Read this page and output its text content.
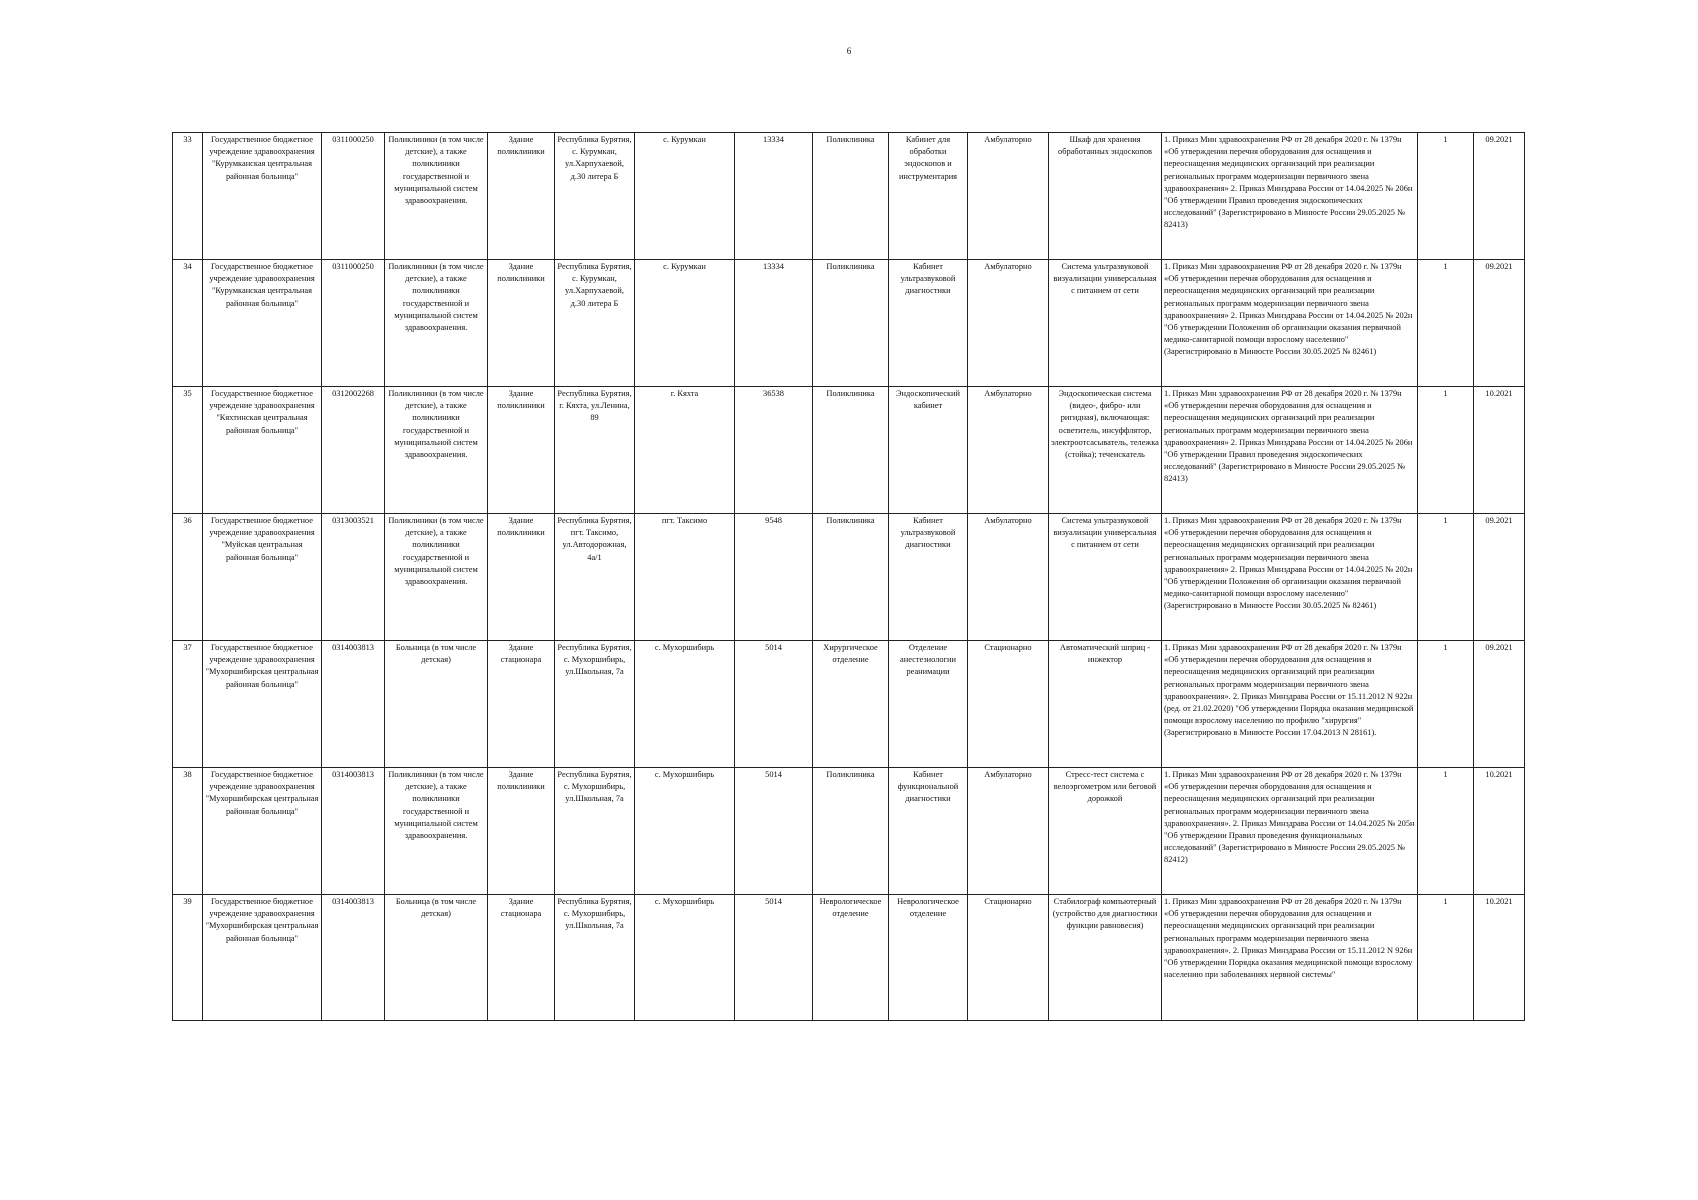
6
33	Государственное бюджетное учреждение здравоохранения "Курумканская центральная районная больница"	0311000250	Поликлиники (в том числе детские), а также поликлиники государственной и муниципальной систем здравоохранения.	Здание поликлиники	Республика Бурятия, с. Курумкан, ул.Харпухаевой, д.30 литера Б	с. Курумкан	13334	Поликлиника	Кабинет для обработки эндоскопов и инструментария	Амбулаторно	Шкаф для хранения обработанных эндоскопов	1. Приказ Мин здравоохранения РФ от 28 декабря 2020 г. № 1379н «Об утверждении перечня оборудования для оснащения и переоснащения медицинских организаций при реализации региональных программ модернизации первичного звена здравоохранения» 2. Приказ Минздрава России от 14.04.2025 № 206н "Об утверждении Правил проведения эндоскопических исследований" (Зарегистрировано в Минюсте России 29.05.2025 № 82413)	1	09.2021
34	Государственное бюджетное учреждение здравоохранения "Курумканская центральная районная больница"	0311000250	Поликлиники (в том числе детские), а также поликлиники государственной и муниципальной систем здравоохранения.	Здание поликлиники	Республика Бурятия, с. Курумкан, ул.Харпухаевой, д.30 литера Б	с. Курумкан	13334	Поликлиника	Кабинет ультразвуковой диагностики	Амбулаторно	Система ультразвуковой визуализации универсальная с питанием от сети	1. Приказ Мин здравоохранения РФ от 28 декабря 2020 г. № 1379н «Об утверждении перечня оборудования для оснащения и переоснащения медицинских организаций при реализации региональных программ модернизации первичного звена здравоохранения» 2. Приказ Минздрава России от 14.04.2025 № 202н "Об утверждении Положения об организации оказания первичной медико-санитарной помощи взрослому населению" (Зарегистрировано в Минюсте России 30.05.2025 № 82461)	1	09.2021
35	Государственное бюджетное учреждение здравоохранения "Кяхтинская центральная районная больница"	0312002268	Поликлиники (в том числе детские), а также поликлиники государственной и муниципальной систем здравоохранения.	Здание поликлиники	Республика Бурятия, г. Кяхта, ул.Ленина, 89	г. Кяхта	36538	Поликлиника	Эндоскопический кабинет	Амбулаторно	Эндоскопическая система (видео-, фибро- или ригидная), включающая: осветитель, инсуффлятор, электроотсасыватель, тележка (стойка); течеискатель	1. Приказ Мин здравоохранения РФ от 28 декабря 2020 г. № 1379н «Об утверждении перечня оборудования для оснащения и переоснащения медицинских организаций при реализации региональных программ модернизации первичного звена здравоохранения» 2. Приказ Минздрава России от 14.04.2025 № 206н "Об утверждении Правил проведения эндоскопических исследований" (Зарегистрировано в Минюсте России 29.05.2025 № 82413)	1	10.2021
36	Государственное бюджетное учреждение здравоохранения "Муйская центральная районная больница"	0313003521	Поликлиники (в том числе детские), а также поликлиники государственной и муниципальной систем здравоохранения.	Здание поликлиники	Республика Бурятия, пгт. Таксимо, ул.Автодорожная, 4а/1	пгт. Таксимо	9548	Поликлиника	Кабинет ультразвуковой диагностики	Амбулаторно	Система ультразвуковой визуализации универсальная с питанием от сети	1. Приказ Мин здравоохранения РФ от 28 декабря 2020 г. № 1379н «Об утверждении перечня оборудования для оснащения и переоснащения медицинских организаций при реализации региональных программ модернизации первичного звена здравоохранения» 2. Приказ Минздрава России от 14.04.2025 № 202н "Об утверждении Положения об организации оказания первичной медико-санитарной помощи взрослому населению" (Зарегистрировано в Минюсте России 30.05.2025 № 82461)	1	09.2021
37	Государственное бюджетное учреждение здравоохранения "Мухоршибирская центральная районная больница"	0314003813	Больница (в том числе детская)	Здание стационара	Республика Бурятия, с. Мухоршибирь, ул.Школьная, 7а	с. Мухоршибирь	5014	Хирургическое отделение	Отделение анестезиологии реанимации	Стационарно	Автоматический шприц - инжектор	1. Приказ Мин здравоохранения РФ от 28 декабря 2020 г. № 1379н «Об утверждении перечня оборудования для оснащения и переоснащения медицинских организаций при реализации региональных программ модернизации первичного звена здравоохранения». 2. Приказ Минздрава России от 15.11.2012 N 922н (ред. от 21.02.2020) "Об утверждении Порядка оказания медицинской помощи взрослому населению по профилю "хирургия" (Зарегистрировано в Минюсте России 17.04.2013 N 28161).	1	09.2021
38	Государственное бюджетное учреждение здравоохранения "Мухоршибирская центральная районная больница"	0314003813	Поликлиники (в том числе детские), а также поликлиники государственной и муниципальной систем здравоохранения.	Здание поликлиники	Республика Бурятия, с. Мухоршибирь, ул.Школьная, 7а	с. Мухоршибирь	5014	Поликлиника	Кабинет функциональной диагностики	Амбулаторно	Стресс-тест система с велоэргометром или беговой дорожкой	1. Приказ Мин здравоохранения РФ от 28 декабря 2020 г. № 1379н «Об утверждении перечня оборудования для оснащения и переоснащения медицинских организаций при реализации региональных программ модернизации первичного звена здравоохранения». 2. Приказ Минздрава России от 14.04.2025 № 205н "Об утверждении Правил проведения функциональных исследований" (Зарегистрировано в Минюсте России 29.05.2025 № 82412)	1	10.2021
39	Государственное бюджетное учреждение здравоохранения "Мухоршибирская центральная районная больница"	0314003813	Больница (в том числе детская)	Здание стационара	Республика Бурятия, с. Мухоршибирь, ул.Школьная, 7а	с. Мухоршибирь	5014	Неврологическое отделение	Неврологическое отделение	Стационарно	Стабилограф компьютерный (устройство для диагностики функции равновесия)	1. Приказ Мин здравоохранения РФ от 28 декабря 2020 г. № 1379н «Об утверждении перечня оборудования для оснащения и переоснащения медицинских организаций при реализации региональных программ модернизации первичного звена здравоохранения». 2. Приказ Минздрава России от 15.11.2012 N 926н "Об утверждении Порядка оказания медицинской помощи взрослому населению при заболеваниях нервной системы"	1	10.2021
